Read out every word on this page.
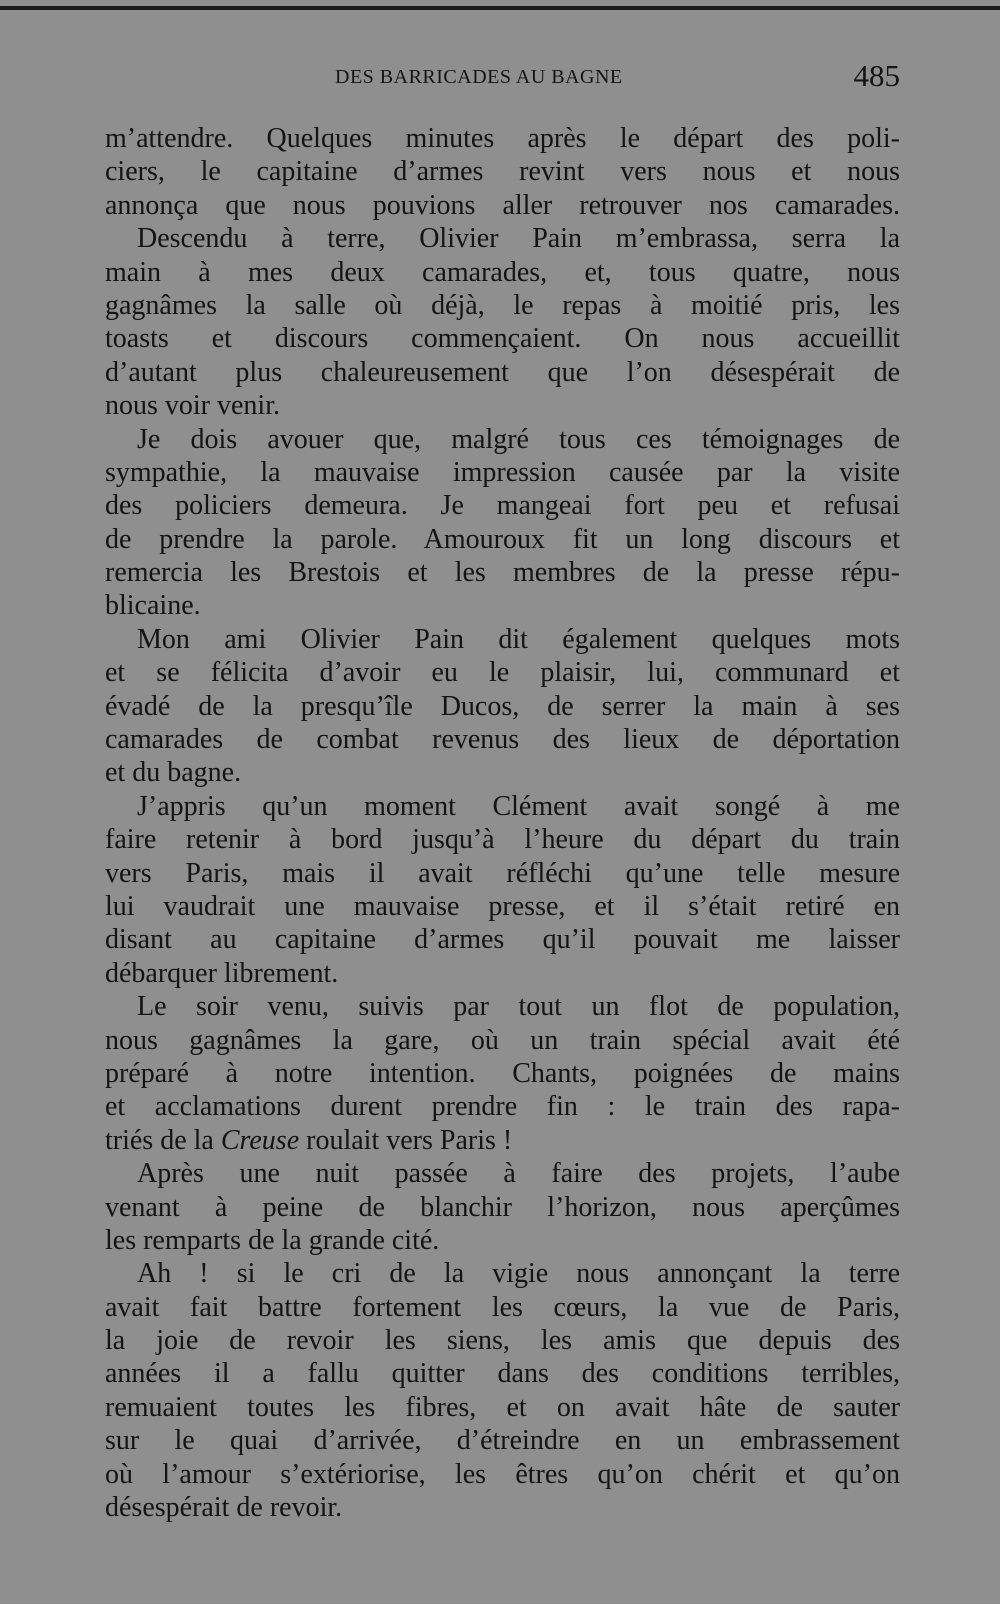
DES BARRICADES AU BAGNE	485
m’attendre. Quelques minutes après le départ des poli-
ciers, le capitaine d’armes revint vers nous et nous
annonça que nous pouvions aller retrouver nos camarades.
Descendu à terre, Olivier Pain m’embrassa, serra la
main à mes deux camarades, et, tous quatre, nous
gagnâmes la salle où déjà, le repas à moitié pris, les
toasts et discours commençaient. On nous accueillit
d’autant plus chaleureusement que l’on désespérait de
nous voir venir.
Je dois avouer que, malgré tous ces témoignages de
sympathie, la mauvaise impression causée par la visite
des policiers demeura. Je mangeai fort peu et refusai
de prendre la parole. Amouroux fit un long discours et
remercia les Brestois et les membres de la presse répu-
blicaine.
Mon ami Olivier Pain dit également quelques mots
et se félicita d’avoir eu le plaisir, lui, communard et
évadé de la presqu’île Ducos, de serrer la main à ses
camarades de combat revenus des lieux de déportation
et du bagne.
J’appris qu’un moment Clément avait songé à me
faire retenir à bord jusqu’à l’heure du départ du train
vers Paris, mais il avait réfléchi qu’une telle mesure
lui vaudrait une mauvaise presse, et il s’était retiré en
disant au capitaine d’armes qu’il pouvait me laisser
débarquer librement.
Le soir venu, suivis par tout un flot de population,
nous gagnâmes la gare, où un train spécial avait été
préparé à notre intention. Chants, poignées de mains
et acclamations durent prendre fin : le train des rapa-
triés de la Creuse roulait vers Paris !
Après une nuit passée à faire des projets, l’aube
venant à peine de blanchir l’horizon, nous aperçûmes
les remparts de la grande cité.
Ah ! si le cri de la vigie nous annonçant la terre
avait fait battre fortement les cœurs, la vue de Paris,
la joie de revoir les siens, les amis que depuis des
années il a fallu quitter dans des conditions terribles,
remuaient toutes les fibres, et on avait hâte de sauter
sur le quai d’arrivée, d’étreindre en un embrassement
où l’amour s’extériorise, les êtres qu’on chérit et qu’on
désespérait de revoir.
